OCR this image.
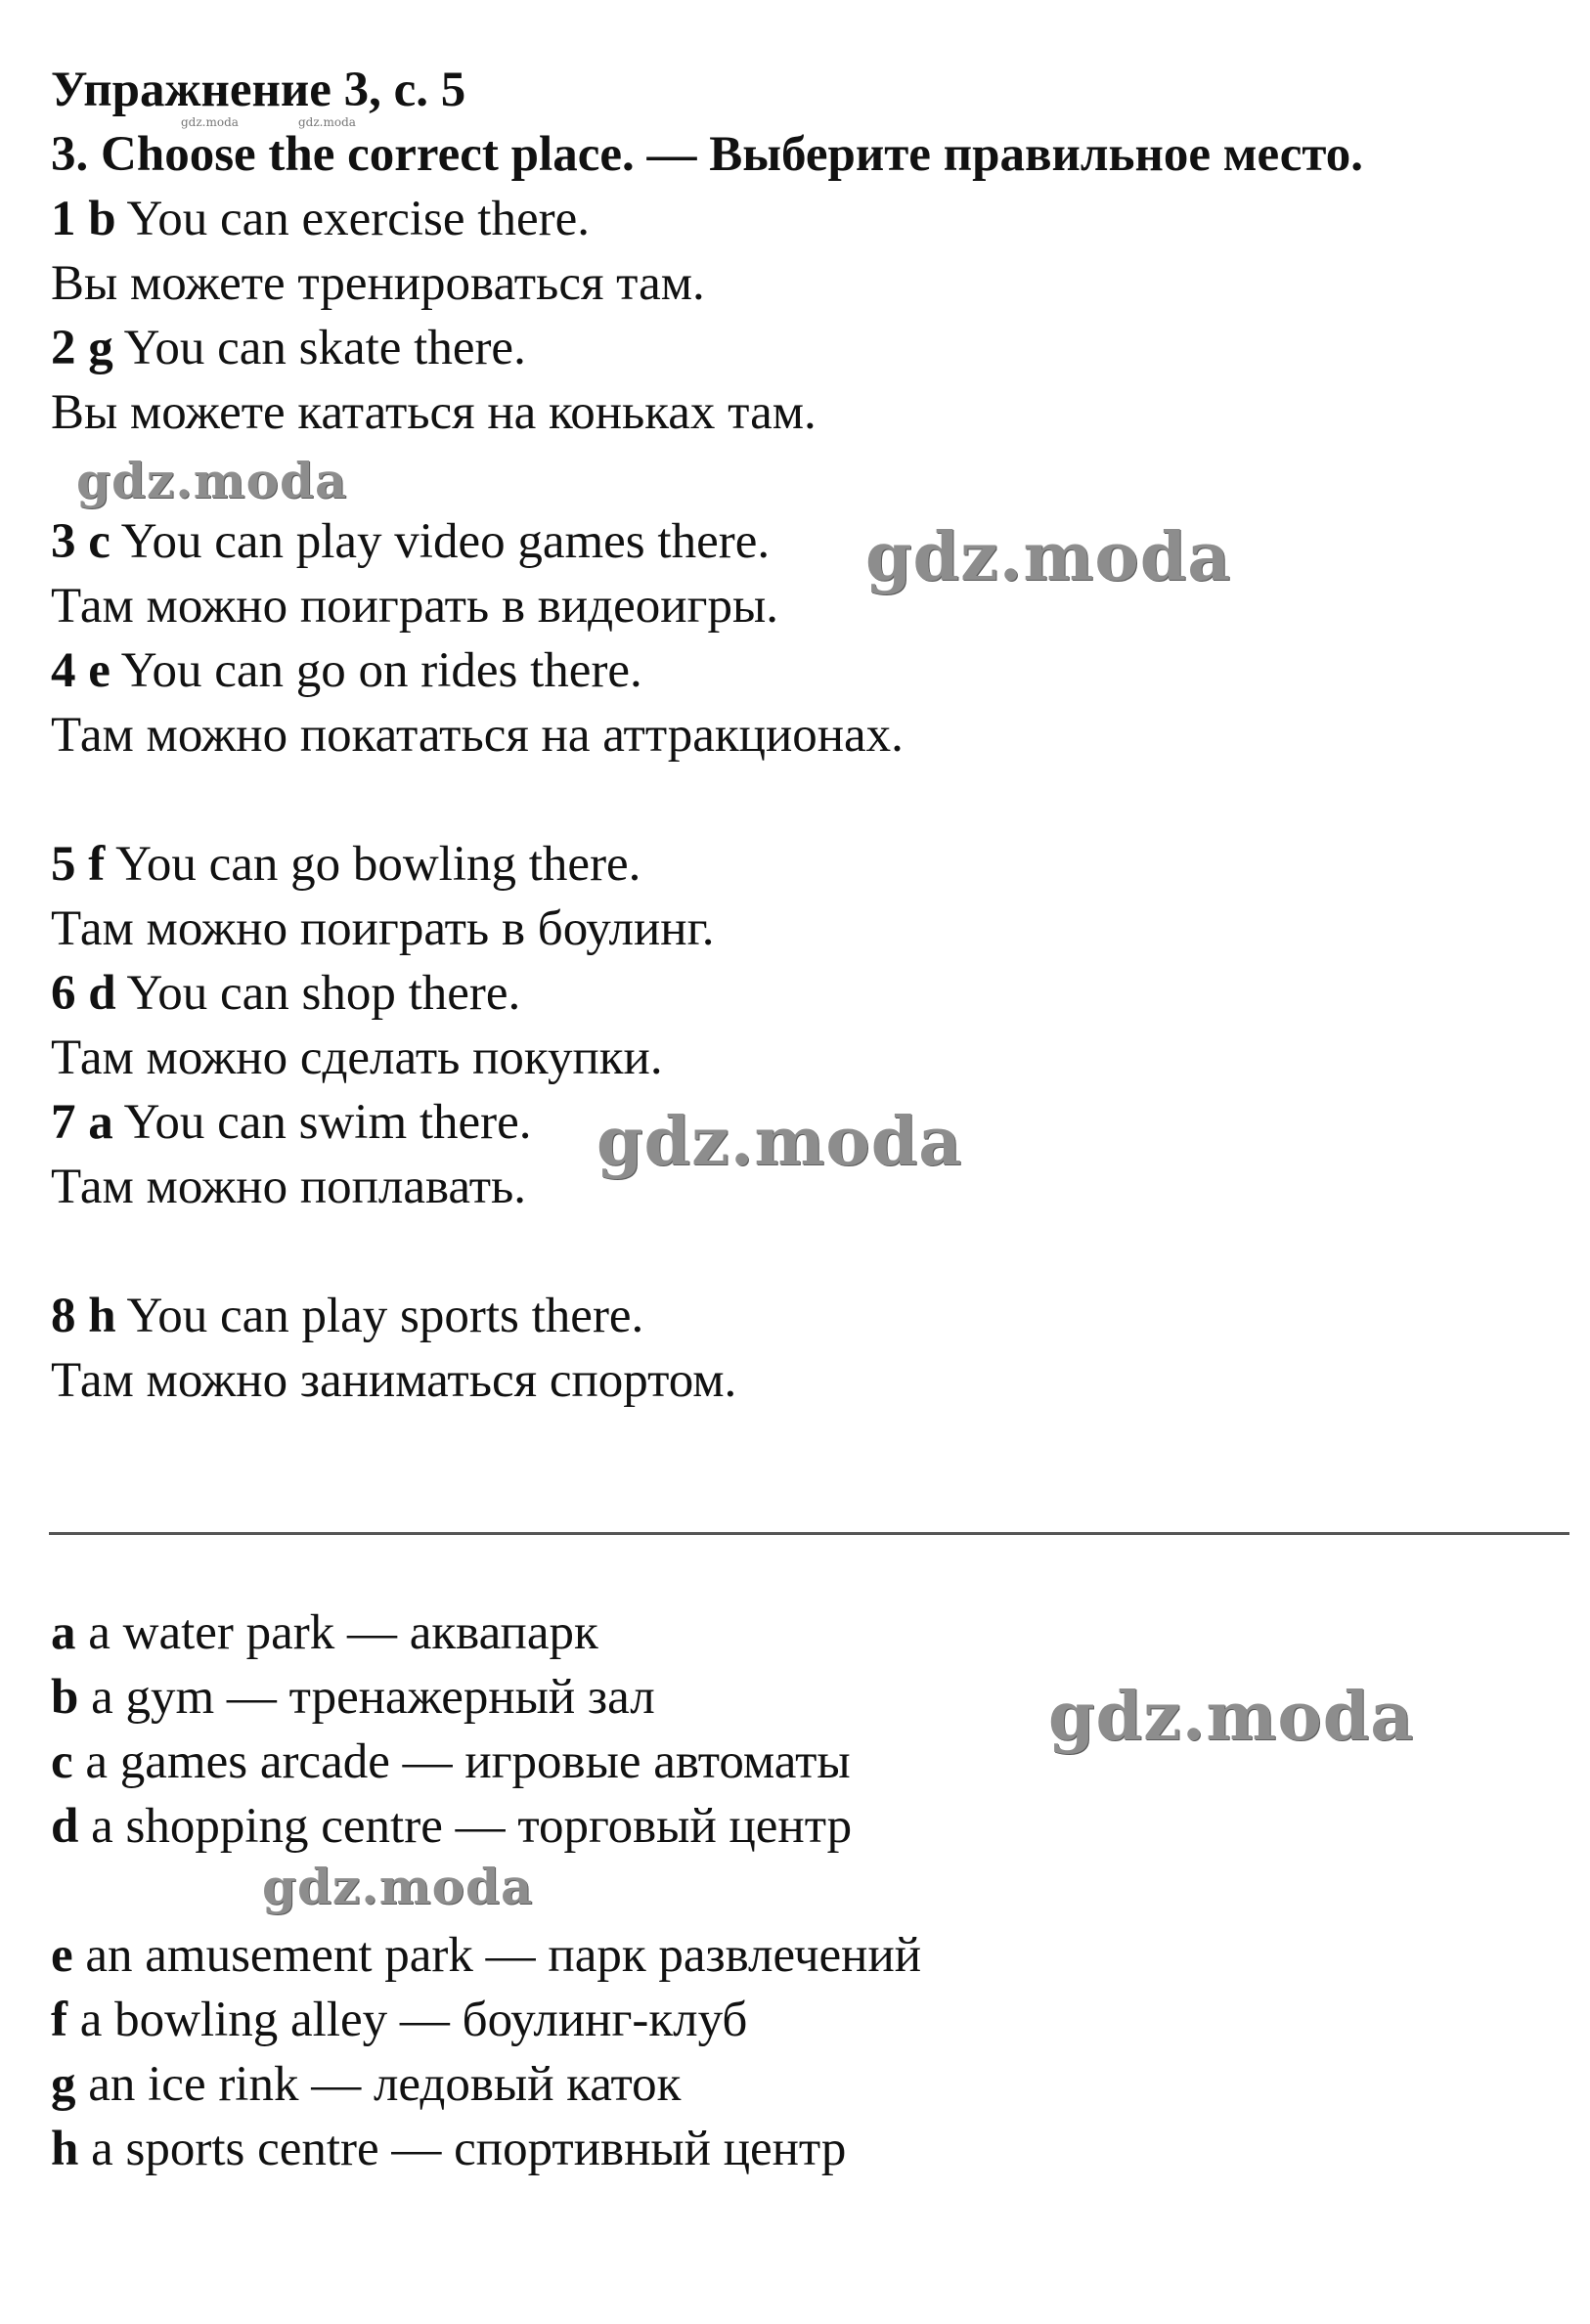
Упражнение 3, с. 5
3. Choose the correct place. — Выберите правильное место.
1 b You can exercise there.
Вы можете тренироваться там.
2 g You can skate there.
Вы можете кататься на коньках там.
3 c You can play video games there.
Там можно поиграть в видеоигры.
4 e You can go on rides there.
Там можно покататься на аттракционах.
5 f You can go bowling there.
Там можно поиграть в боулинг.
6 d You can shop there.
Там можно сделать покупки.
7 a You can swim there.
Там можно поплавать.
8 h You can play sports there.
Там можно заниматься спортом.
a a water park — аквапарк
b a gym — тренажерный зал
c a games arcade — игровые автоматы
d a shopping centre — торговый центр
e an amusement park — парк развлечений
f a bowling alley — боулинг-клуб
g an ice rink — ледовый каток
h a sports centre — спортивный центр
gdz.moda	gdz.moda
gdz.moda
gdz.moda
gdz.moda
gdz.moda
gdz.moda
